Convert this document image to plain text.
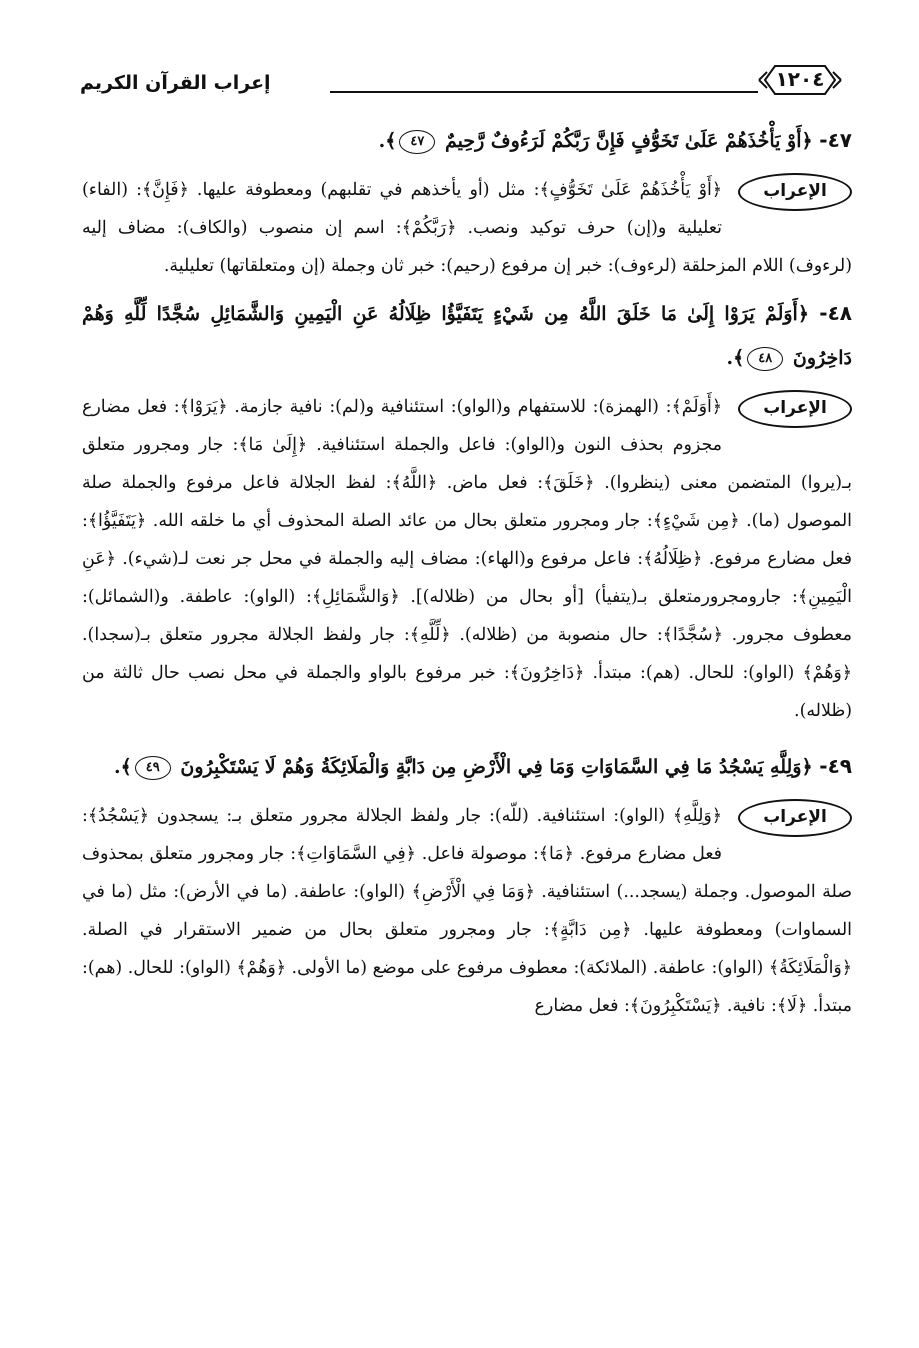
إعراب القرآن الكريم	١٢٠٤
٤٧- ﴿أَوْ يَأْخُذَهُمْ عَلَىٰ تَخَوُّفٍ فَإِنَّ رَبَّكُمْ لَرَءُوفٌ رَّحِيمٌ ٤٧﴾.
الإعراب
﴿أَوْ يَأْخُذَهُمْ عَلَىٰ تَخَوُّفٍ﴾: مثل (أو يأخذهم في تقلبهم) ومعطوفة عليها. ﴿فَإِنَّ﴾: (الفاء) تعليلية و(إن) حرف توكيد ونصب. ﴿رَبَّكُمْ﴾: اسم إن منصوب (والكاف): مضاف إليه (لرءوف) اللام المزحلقة (لرءوف): خبر إن مرفوع (رحيم): خبر ثان وجملة (إن ومتعلقاتها) تعليلية.
٤٨- ﴿أَوَلَمْ يَرَوْا إِلَىٰ مَا خَلَقَ اللَّهُ مِن شَيْءٍ يَتَفَيَّؤُا ظِلَالُهُ عَنِ الْيَمِينِ وَالشَّمَائِلِ سُجَّدًا لِّلَّهِ وَهُمْ دَاخِرُونَ ٤٨﴾.
الإعراب
﴿أَوَلَمْ﴾: (الهمزة): للاستفهام و(الواو): استئنافية و(لم): نافية جازمة. ﴿يَرَوْا﴾: فعل مضارع مجزوم بحذف النون و(الواو): فاعل والجملة استئنافية. ﴿إِلَىٰ مَا﴾: جار ومجرور متعلق بـ(يروا) المتضمن معنى (ينظروا). ﴿خَلَقَ﴾: فعل ماض. ﴿اللَّهُ﴾: لفظ الجلالة فاعل مرفوع والجملة صلة الموصول (ما). ﴿مِن شَيْءٍ﴾: جار ومجرور متعلق بحال من عائد الصلة المحذوف أي ما خلقه الله. ﴿يَتَفَيَّؤُا﴾: فعل مضارع مرفوع. ﴿ظِلَالُهُ﴾: فاعل مرفوع و(الهاء): مضاف إليه والجملة في محل جر نعت لـ(شيء). ﴿عَنِ الْيَمِينِ﴾: جارومجرورمتعلق بـ(يتفيأ) [أو بحال من (ظلاله)]. ﴿وَالشَّمَائِلِ﴾: (الواو): عاطفة. و(الشمائل): معطوف مجرور. ﴿سُجَّدًا﴾: حال منصوبة من (ظلاله). ﴿لِّلَّهِ﴾: جار ولفظ الجلالة مجرور متعلق بـ(سجدا). ﴿وَهُمْ﴾ (الواو): للحال. (هم): مبتدأ. ﴿دَاخِرُونَ﴾: خبر مرفوع بالواو والجملة في محل نصب حال ثالثة من (ظلاله).
٤٩- ﴿وَلِلَّهِ يَسْجُدُ مَا فِي السَّمَاوَاتِ وَمَا فِي الْأَرْضِ مِن دَابَّةٍ وَالْمَلَائِكَةُ وَهُمْ لَا يَسْتَكْبِرُونَ ٤٩﴾.
الإعراب
﴿وَلِلَّهِ﴾ (الواو): استئنافية. (للّه): جار ولفظ الجلالة مجرور متعلق بـ: يسجدون ﴿يَسْجُدُ﴾: فعل مضارع مرفوع. ﴿مَا﴾: موصولة فاعل. ﴿فِي السَّمَاوَاتِ﴾: جار ومجرور متعلق بمحذوف صلة الموصول. وجملة (يسجد...) استئنافية. ﴿وَمَا فِي الْأَرْضِ﴾ (الواو): عاطفة. (ما في الأرض): مثل (ما في السماوات) ومعطوفة عليها. ﴿مِن دَابَّةٍ﴾: جار ومجرور متعلق بحال من ضمير الاستقرار في الصلة. ﴿وَالْمَلَائِكَةُ﴾ (الواو): عاطفة. (الملائكة): معطوف مرفوع على موضع (ما الأولى. ﴿وَهُمْ﴾ (الواو): للحال. (هم): مبتدأ. ﴿لَا﴾: نافية. ﴿يَسْتَكْبِرُونَ﴾: فعل مضارع
